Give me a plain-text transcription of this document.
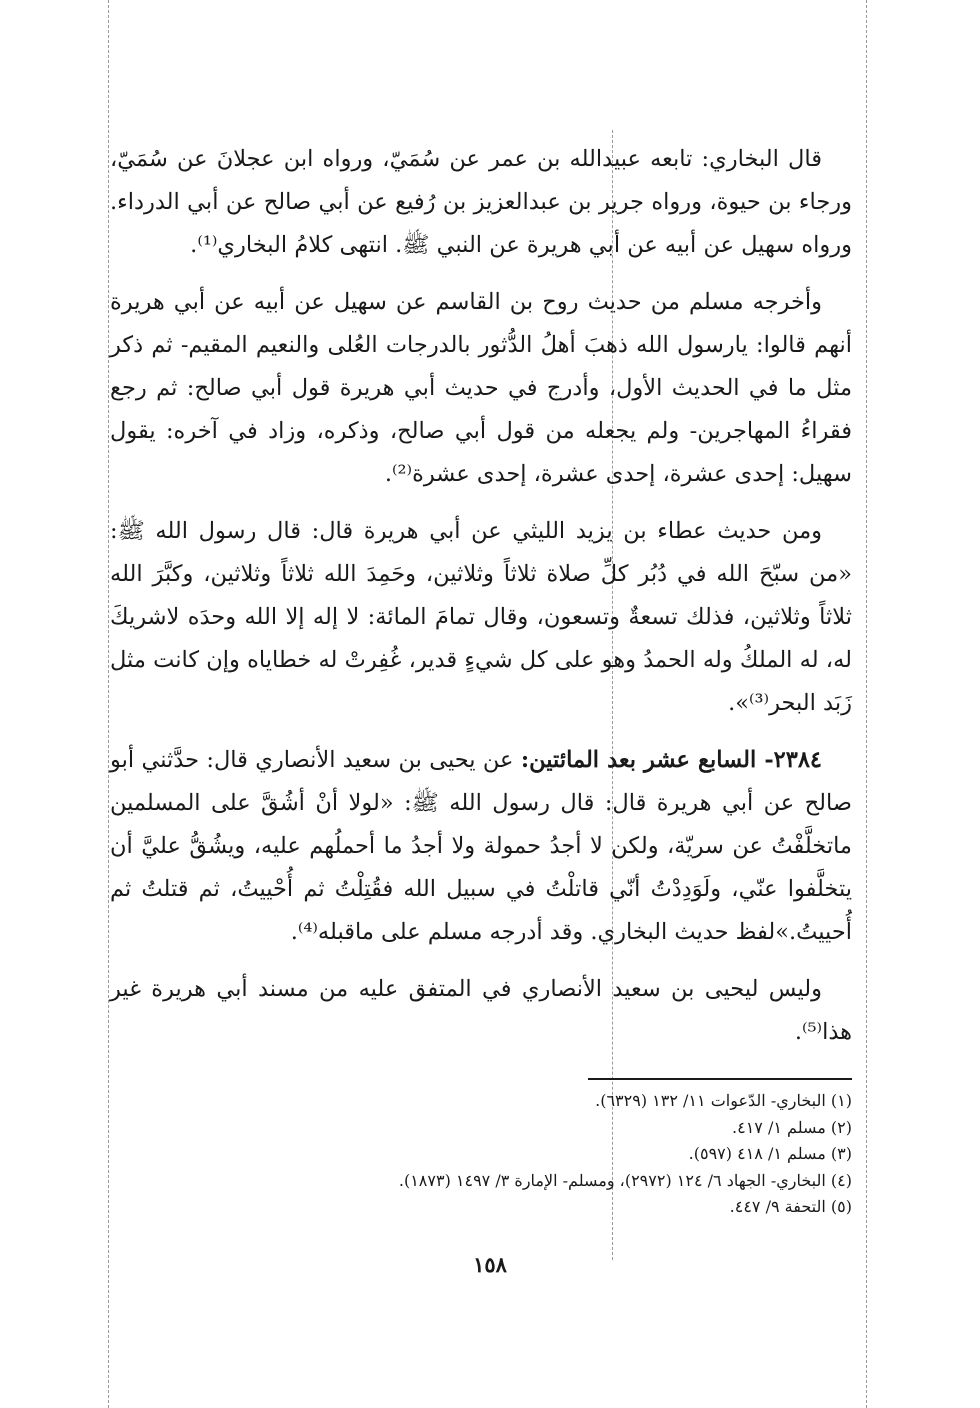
قال البخاري: تابعه عبيدالله بن عمر عن سُمَيّ، ورواه ابن عجلانَ عن سُمَيّ، ورجاء بن حيوة، ورواه جرير بن عبدالعزيز بن رُفيع عن أبي صالح عن أبي الدرداء. ورواه سهيل عن أبيه عن أبي هريرة عن النبي ﷺ. انتهى كلامُ البخاري⁽¹⁾.

وأخرجه مسلم من حديث روح بن القاسم عن سهيل عن أبيه عن أبي هريرة أنهم قالوا: يارسول الله ذهبَ أهلُ الدُّثور بالدرجات العُلى والنعيم المقيم- ثم ذكر مثل ما في الحديث الأول، وأدرج في حديث أبي هريرة قول أبي صالح: ثم رجع فقراءُ المهاجرين- ولم يجعله من قول أبي صالح، وذكره، وزاد في آخره: يقول سهيل: إحدى عشرة، إحدى عشرة، إحدى عشرة⁽²⁾.

ومن حديث عطاء بن يزيد الليثي عن أبي هريرة قال: قال رسول الله ﷺ: «من سبّحَ الله في دُبُر كلِّ صلاة ثلاثاً وثلاثين، وحَمِدَ الله ثلاثاً وثلاثين، وكبَّرَ الله ثلاثاً وثلاثين، فذلك تسعةٌ وتسعون، وقال تمامَ المائة: لا إله إلا الله وحدَه لاشريكَ له، له الملكُ وله الحمدُ وهو على كل شيءٍ قدير، غُفِرتْ له خطاياه وإن كانت مثل زَبَد البحر⁽³⁾».

٢٣٨٤- السابع عشر بعد المائتين: عن يحيى بن سعيد الأنصاري قال: حدَّثني أبو صالح عن أبي هريرة قال: قال رسول الله ﷺ: «لولا أنْ أشُقَّ على المسلمين ماتخلَّفْتُ عن سريّة، ولكن لا أجدُ حمولة ولا أجدُ ما أحملُهم عليه، ويشُقُّ عليَّ أن يتخلَّفوا عنّي، ولَوَدِدْتُ أنّي قاتلْتُ في سبيل الله فقُتِلْتُ ثم أُحْييتُ، ثم قتلتُ ثم أُحييتُ.»لفظ حديث البخاري. وقد أدرجه مسلم على ماقبله⁽⁴⁾.

وليس ليحيى بن سعيد الأنصاري في المتفق عليه من مسند أبي هريرة غير هذا⁽⁵⁾.

(١) البخاري- الدّعوات ١١/ ١٣٢ (٦٣٢٩).

(٢) مسلم ١/ ٤١٧.

(٣) مسلم ١/ ٤١٨ (٥٩٧).

(٤) البخاري- الجهاد ٦/ ١٢٤ (٢٩٧٢)، ومسلم- الإمارة ٣/ ١٤٩٧ (١٨٧٣).

(٥) التحفة ٩/ ٤٤٧.

١٥٨
